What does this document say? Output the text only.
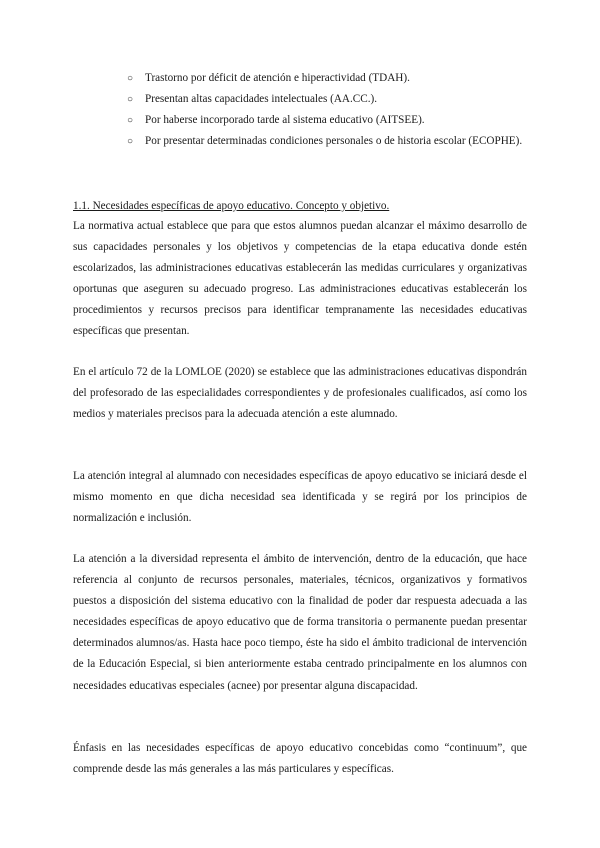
○ Trastorno por déficit de atención e hiperactividad (TDAH).
○ Presentan altas capacidades intelectuales (AA.CC.).
○ Por haberse incorporado tarde al sistema educativo (AITSEE).
○ Por presentar determinadas condiciones personales o de historia escolar (ECOPHE).
1.1. Necesidades específicas de apoyo educativo. Concepto y objetivo.

La normativa actual establece que para que estos alumnos puedan alcanzar el máximo desarrollo de sus capacidades personales y los objetivos y competencias de la etapa educativa donde estén escolarizados, las administraciones educativas establecerán las medidas curriculares y organizativas oportunas que aseguren su adecuado progreso. Las administraciones educativas establecerán los procedimientos y recursos precisos para identificar tempranamente las necesidades educativas específicas que presentan.

En el artículo 72 de la LOMLOE (2020) se establece que las administraciones educativas dispondrán del profesorado de las especialidades correspondientes y de profesionales cualificados, así como los medios y materiales precisos para la adecuada atención a este alumnado.

La atención integral al alumnado con necesidades específicas de apoyo educativo se iniciará desde el mismo momento en que dicha necesidad sea identificada y se regirá por los principios de normalización e inclusión.

La atención a la diversidad representa el ámbito de intervención, dentro de la educación, que hace referencia al conjunto de recursos personales, materiales, técnicos, organizativos y formativos puestos a disposición del sistema educativo con la finalidad de poder dar respuesta adecuada a las necesidades específicas de apoyo educativo que de forma transitoria o permanente puedan presentar determinados alumnos/as. Hasta hace poco tiempo, éste ha sido el ámbito tradicional de intervención de la Educación Especial, si bien anteriormente estaba centrado principalmente en los alumnos con necesidades educativas especiales (acnee) por presentar alguna discapacidad.

Énfasis en las necesidades específicas de apoyo educativo concebidas como “continuum”, que comprende desde las más generales a las más particulares y específicas.
